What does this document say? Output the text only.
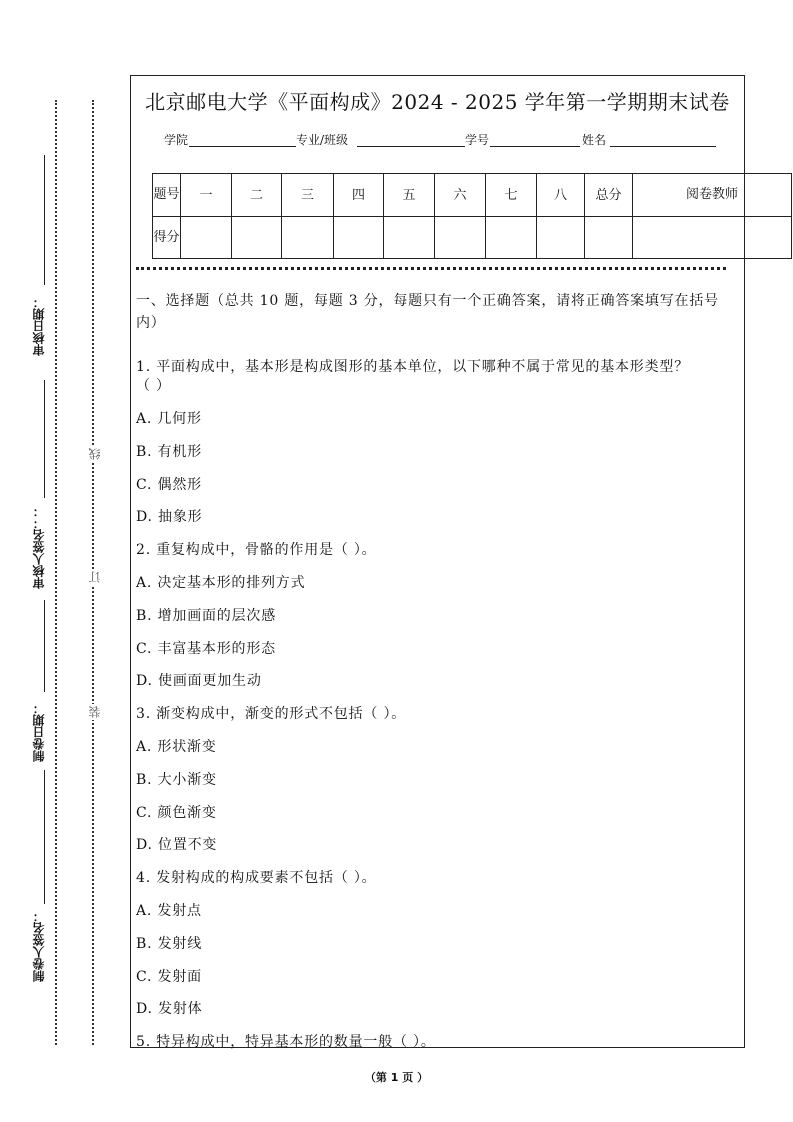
线
订
装
审核日期：
审核人签名：：
制卷日期：
制卷人签名：
北京邮电大学《平面构成》2024 - 2025 学年第一学期期末试卷
学院	专业/班级	学号	姓名
题号	一	二	三	四	五	六	七	八	总分	阅卷教师
得分										
一、选择题（总共 10 题，每题 3 分，每题只有一个正确答案，请将正确答案填写在括号内）
1. 平面构成中，基本形是构成图形的基本单位，以下哪种不属于常见的基本形类型？
（ ）
A. 几何形
B. 有机形
C. 偶然形
D. 抽象形
2. 重复构成中，骨骼的作用是（ ）。
A. 决定基本形的排列方式
B. 增加画面的层次感
C. 丰富基本形的形态
D. 使画面更加生动
3. 渐变构成中，渐变的形式不包括（ ）。
A. 形状渐变
B. 大小渐变
C. 颜色渐变
D. 位置不变
4. 发射构成的构成要素不包括（ ）。
A. 发射点
B. 发射线
C. 发射面
D. 发射体
5. 特异构成中，特异基本形的数量一般（ ）。
（第 1 页 ）
